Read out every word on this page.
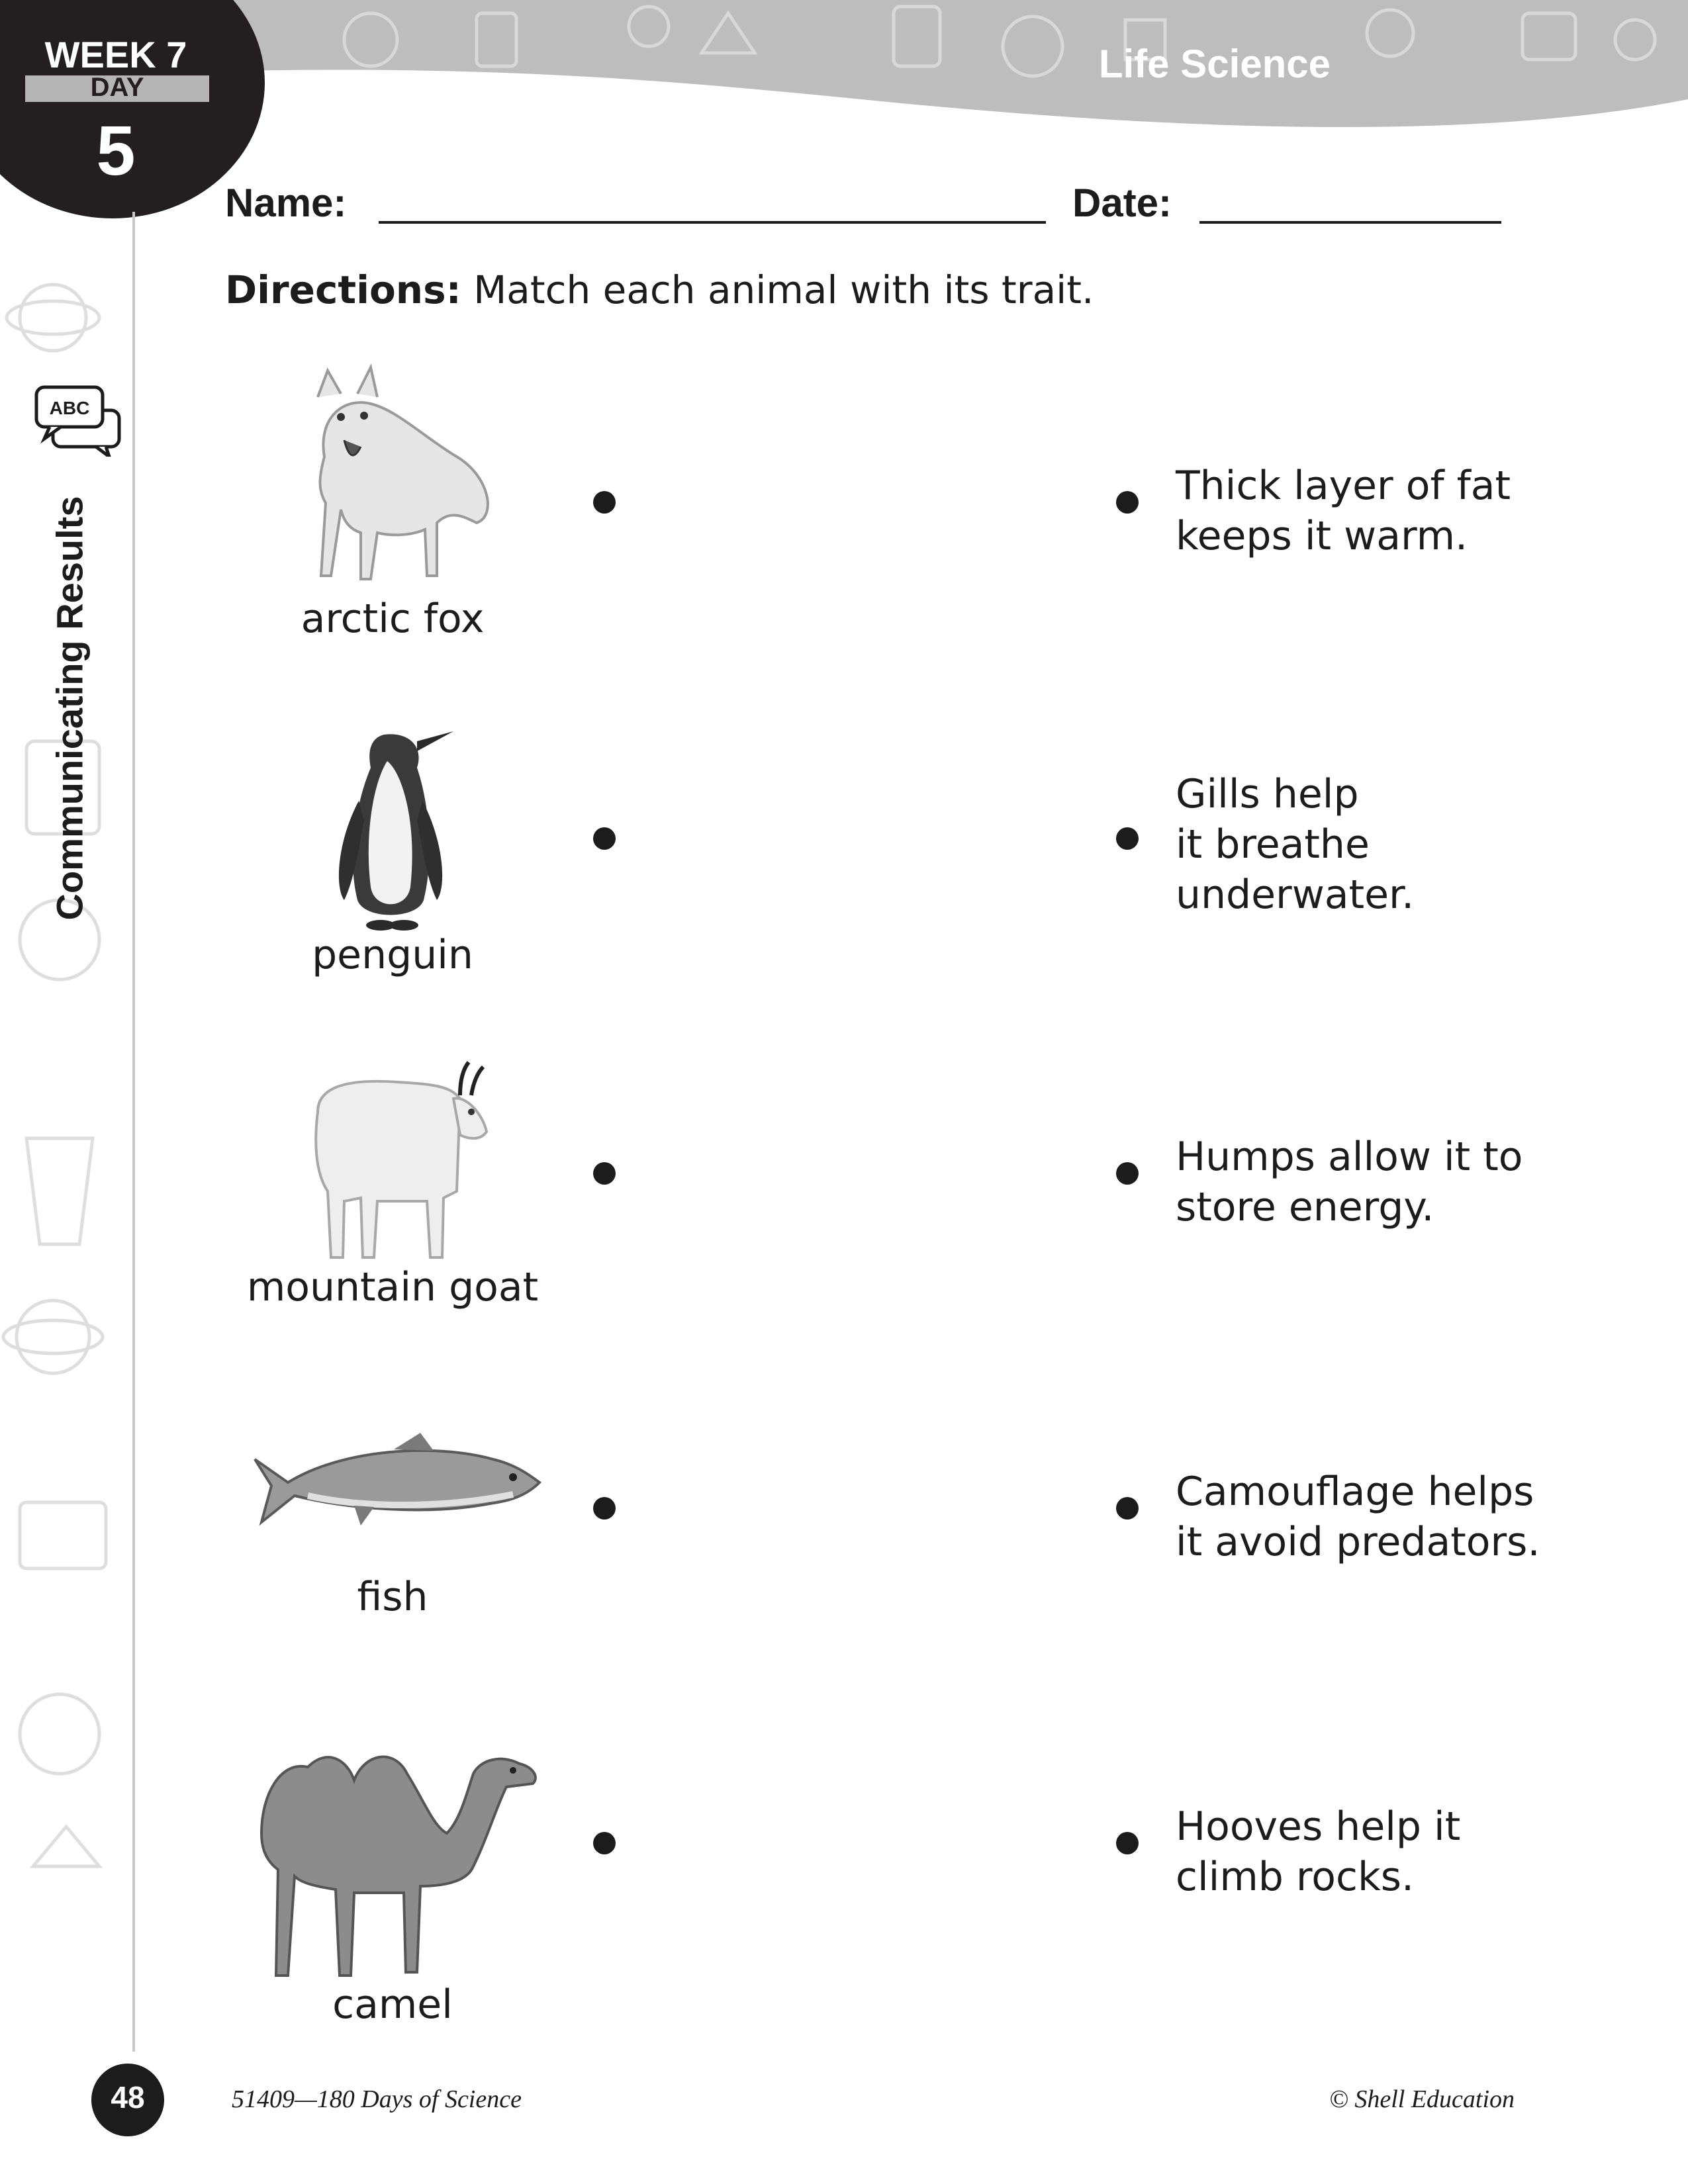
Life Science
WEEK 7
DAY
5
ABC
Communicating Results
Name:	Date:
Directions: Match each animal with its trait.
arctic fox
penguin
mountain goat
fish
camel
Thick layer of fat
keeps it warm.
Gills help
it breathe
underwater.
Humps allow it to
store energy.
Camouflage helps
it avoid predators.
Hooves help it
climb rocks.
48	51409—180 Days of Science	© Shell Education
